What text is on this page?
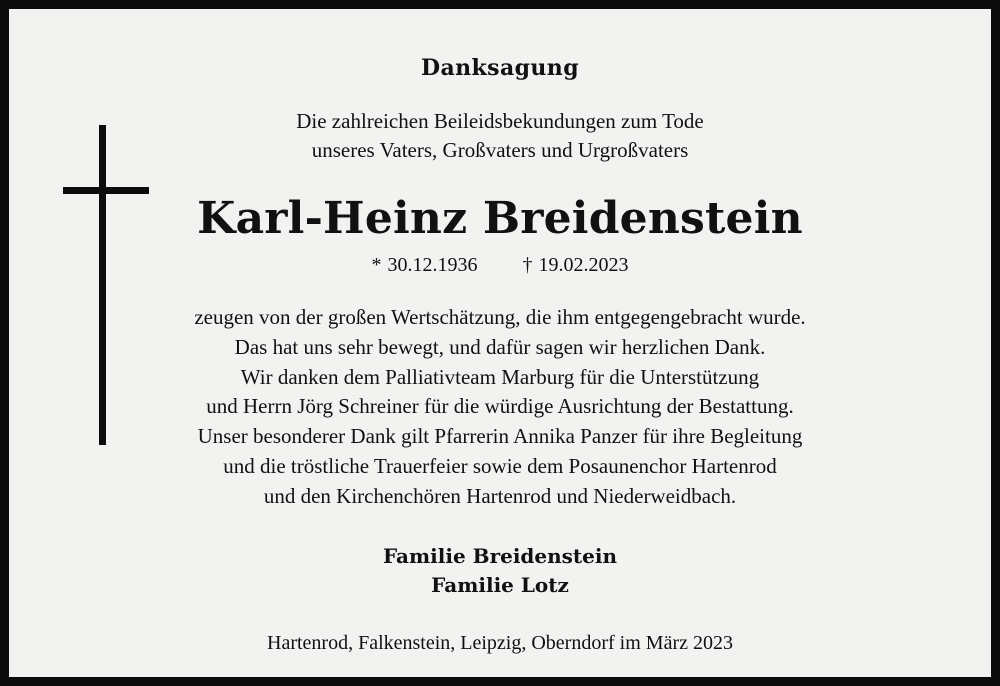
Danksagung
Die zahlreichen Beileidsbekundungen zum Tode
unseres Vaters, Großvaters und Urgroßvaters
Karl-Heinz Breidenstein
* 30.12.1936 † 19.02.2023
zeugen von der großen Wertschätzung, die ihm entgegengebracht wurde.
Das hat uns sehr bewegt, und dafür sagen wir herzlichen Dank.
Wir danken dem Palliativteam Marburg für die Unterstützung
und Herrn Jörg Schreiner für die würdige Ausrichtung der Bestattung.
Unser besonderer Dank gilt Pfarrerin Annika Panzer für ihre Begleitung
und die tröstliche Trauerfeier sowie dem Posaunenchor Hartenrod
und den Kirchenchören Hartenrod und Niederweidbach.
Familie Breidenstein
Familie Lotz
Hartenrod, Falkenstein, Leipzig, Oberndorf im März 2023
